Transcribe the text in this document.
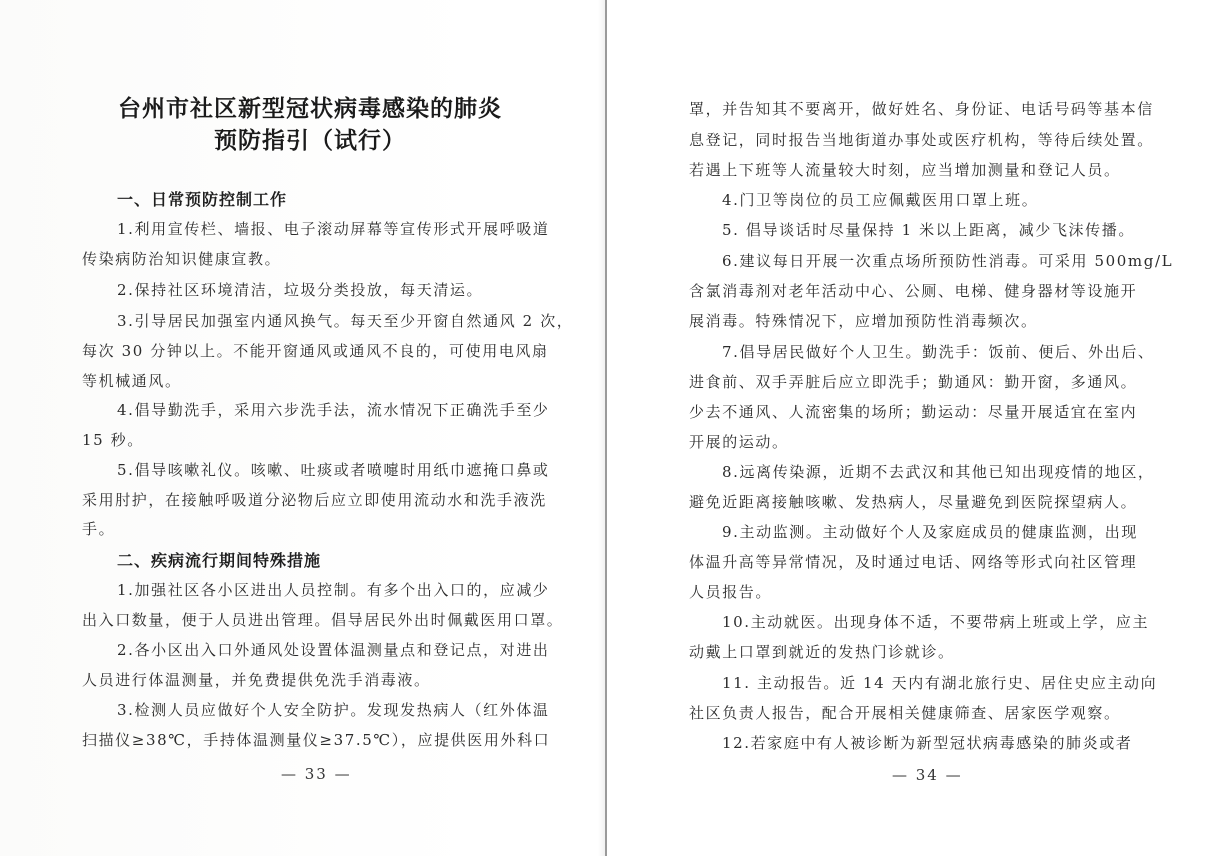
台州市社区新型冠状病毒感染的肺炎
预防指引（试行）
一、日常预防控制工作

1.利用宣传栏、墙报、电子滚动屏幕等宣传形式开展呼吸道

传染病防治知识健康宣教。

2.保持社区环境清洁，垃圾分类投放，每天清运。

3.引导居民加强室内通风换气。每天至少开窗自然通风 2 次，

每次 30 分钟以上。不能开窗通风或通风不良的，可使用电风扇

等机械通风。

4.倡导勤洗手，采用六步洗手法，流水情况下正确洗手至少

15 秒。

5.倡导咳嗽礼仪。咳嗽、吐痰或者喷嚏时用纸巾遮掩口鼻或

采用肘护，在接触呼吸道分泌物后应立即使用流动水和洗手液洗

手。

二、疾病流行期间特殊措施

1.加强社区各小区进出人员控制。有多个出入口的，应减少

出入口数量，便于人员进出管理。倡导居民外出时佩戴医用口罩。

2.各小区出入口外通风处设置体温测量点和登记点，对进出

人员进行体温测量，并免费提供免洗手消毒液。

3.检测人员应做好个人安全防护。发现发热病人（红外体温

扫描仪≥38℃，手持体温测量仪≥37.5℃），应提供医用外科口

— 33 —

罩，并告知其不要离开，做好姓名、身份证、电话号码等基本信

息登记，同时报告当地街道办事处或医疗机构，等待后续处置。

若遇上下班等人流量较大时刻，应当增加测量和登记人员。

4.门卫等岗位的员工应佩戴医用口罩上班。

5. 倡导谈话时尽量保持 1 米以上距离，减少飞沫传播。

6.建议每日开展一次重点场所预防性消毒。可采用 500mg/L

含氯消毒剂对老年活动中心、公厕、电梯、健身器材等设施开

展消毒。特殊情况下，应增加预防性消毒频次。

7.倡导居民做好个人卫生。勤洗手：饭前、便后、外出后、

进食前、双手弄脏后应立即洗手；勤通风：勤开窗，多通风。

少去不通风、人流密集的场所；勤运动：尽量开展适宜在室内

开展的运动。

8.远离传染源，近期不去武汉和其他已知出现疫情的地区，

避免近距离接触咳嗽、发热病人，尽量避免到医院探望病人。

9.主动监测。主动做好个人及家庭成员的健康监测，出现

体温升高等异常情况，及时通过电话、网络等形式向社区管理

人员报告。

10.主动就医。出现身体不适，不要带病上班或上学，应主

动戴上口罩到就近的发热门诊就诊。

11. 主动报告。近 14 天内有湖北旅行史、居住史应主动向

社区负责人报告，配合开展相关健康筛查、居家医学观察。

12.若家庭中有人被诊断为新型冠状病毒感染的肺炎或者

— 34 —
